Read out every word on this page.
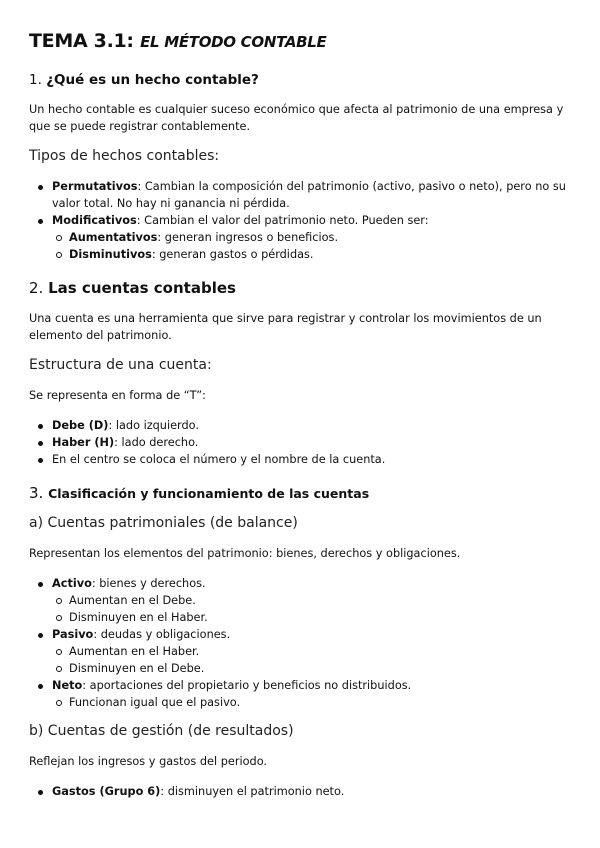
TEMA 3.1: EL MÉTODO CONTABLE
1. ¿Qué es un hecho contable?

Un hecho contable es cualquier suceso económico que afecta al patrimonio de una empresa y que se puede registrar contablemente.

Tipos de hechos contables:
Permutativos: Cambian la composición del patrimonio (activo, pasivo o neto), pero no su valor total. No hay ni ganancia ni pérdida.
Modificativos: Cambian el valor del patrimonio neto. Pueden ser:
Aumentativos: generan ingresos o beneficios.
Disminutivos: generan gastos o pérdidas.
2. Las cuentas contables

Una cuenta es una herramienta que sirve para registrar y controlar los movimientos de un elemento del patrimonio.

Estructura de una cuenta:

Se representa en forma de “T”:

Debe (D): lado izquierdo.
Haber (H): lado derecho.
En el centro se coloca el número y el nombre de la cuenta.
3. Clasificación y funcionamiento de las cuentas
a) Cuentas patrimoniales (de balance)

Representan los elementos del patrimonio: bienes, derechos y obligaciones.

Activo: bienes y derechos.
Aumentan en el Debe.
Disminuyen en el Haber.
Pasivo: deudas y obligaciones.
Aumentan en el Haber.
Disminuyen en el Debe.
Neto: aportaciones del propietario y beneficios no distribuidos.
Funcionan igual que el pasivo.
b) Cuentas de gestión (de resultados)

Reflejan los ingresos y gastos del periodo.

Gastos (Grupo 6): disminuyen el patrimonio neto.
